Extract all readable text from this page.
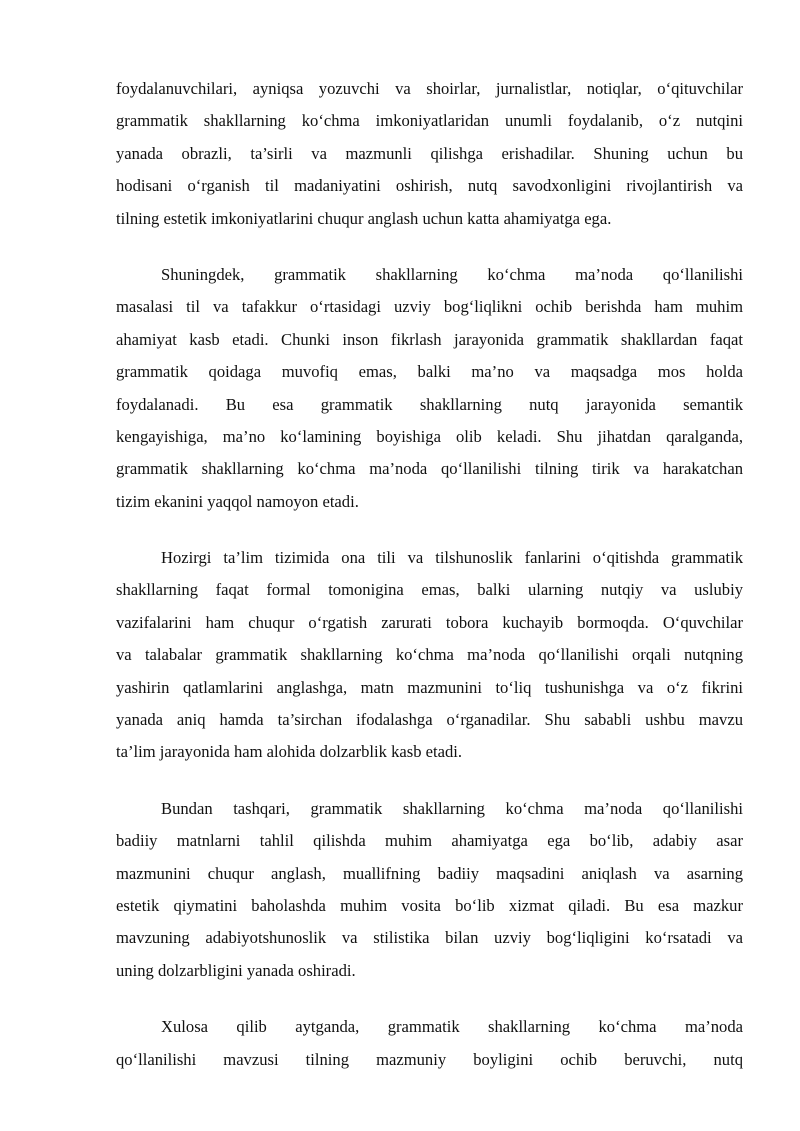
foydalanuvchilari, ayniqsa yozuvchi va shoirlar, jurnalistlar, notiqlar, o‘qituvchilar
grammatik shakllarning ko‘chma imkoniyatlaridan unumli foydalanib, o‘z nutqini
yanada obrazli, ta’sirli va mazmunli qilishga erishadilar. Shuning uchun bu
hodisani o‘rganish til madaniyatini oshirish, nutq savodxonligini rivojlantirish va
tilning estetik imkoniyatlarini chuqur anglash uchun katta ahamiyatga ega.
Shuningdek, grammatik shakllarning ko‘chma ma’noda qo‘llanilishi
masalasi til va tafakkur o‘rtasidagi uzviy bog‘liqlikni ochib berishda ham muhim
ahamiyat kasb etadi. Chunki inson fikrlash jarayonida grammatik shakllardan faqat
grammatik qoidaga muvofiq emas, balki ma’no va maqsadga mos holda
foydalanadi. Bu esa grammatik shakllarning nutq jarayonida semantik
kengayishiga, ma’no ko‘lamining boyishiga olib keladi. Shu jihatdan qaralganda,
grammatik shakllarning ko‘chma ma’noda qo‘llanilishi tilning tirik va harakatchan
tizim ekanini yaqqol namoyon etadi.
Hozirgi ta’lim tizimida ona tili va tilshunoslik fanlarini o‘qitishda grammatik
shakllarning faqat formal tomonigina emas, balki ularning nutqiy va uslubiy
vazifalarini ham chuqur o‘rgatish zarurati tobora kuchayib bormoqda. O‘quvchilar
va talabalar grammatik shakllarning ko‘chma ma’noda qo‘llanilishi orqali nutqning
yashirin qatlamlarini anglashga, matn mazmunini to‘liq tushunishga va o‘z fikrini
yanada aniq hamda ta’sirchan ifodalashga o‘rganadilar. Shu sababli ushbu mavzu
ta’lim jarayonida ham alohida dolzarblik kasb etadi.
Bundan tashqari, grammatik shakllarning ko‘chma ma’noda qo‘llanilishi
badiiy matnlarni tahlil qilishda muhim ahamiyatga ega bo‘lib, adabiy asar
mazmunini chuqur anglash, muallifning badiiy maqsadini aniqlash va asarning
estetik qiymatini baholashda muhim vosita bo‘lib xizmat qiladi. Bu esa mazkur
mavzuning adabiyotshunoslik va stilistika bilan uzviy bog‘liqligini ko‘rsatadi va
uning dolzarbligini yanada oshiradi.
Xulosa qilib aytganda, grammatik shakllarning ko‘chma ma’noda
qo‘llanilishi mavzusi tilning mazmuniy boyligini ochib beruvchi, nutq
